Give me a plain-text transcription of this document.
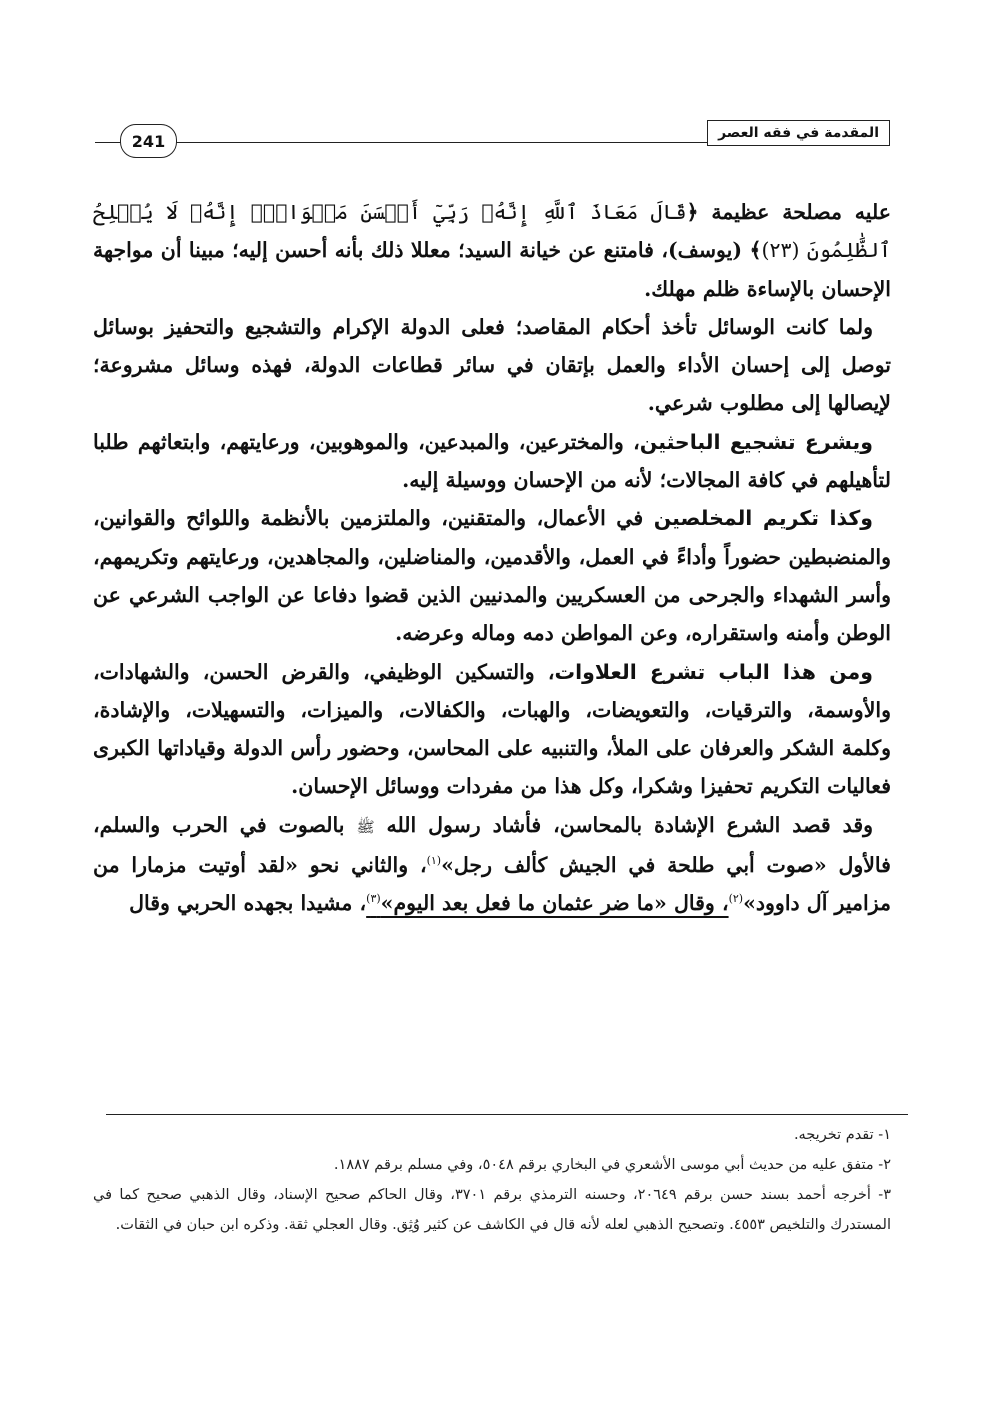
241	المقدمة في فقه العصر

عليه مصلحة عظيمة ﴿قَالَ مَعَاذَ ٱللَّهِ إِنَّهُۥ رَبِّيٓ أَحۡسَنَ مَثۡوَايَۖ إِنَّهُۥ لَا يُفۡلِحُ ٱلظَّٰلِمُونَ (٢٣)﴾ (يوسف)، فامتنع عن خيانة السيد؛ معللا ذلك بأنه أحسن إليه؛ مبينا أن مواجهة الإحسان بالإساءة ظلم مهلك.

ولما كانت الوسائل تأخذ أحكام المقاصد؛ فعلى الدولة الإكرام والتشجيع والتحفيز بوسائل توصل إلى إحسان الأداء والعمل بإتقان في سائر قطاعات الدولة، فهذه وسائل مشروعة؛ لإيصالها إلى مطلوب شرعي.

ويشرع تشجيع الباحثين، والمخترعين، والمبدعين، والموهوبين، ورعايتهم، وابتعاثهم طلبا لتأهيلهم في كافة المجالات؛ لأنه من الإحسان ووسيلة إليه.

وكذا تكريم المخلصين في الأعمال، والمتقنين، والملتزمين بالأنظمة واللوائح والقوانين، والمنضبطين حضوراً وأداءً في العمل، والأقدمين، والمناضلين، والمجاهدين، ورعايتهم وتكريمهم، وأسر الشهداء والجرحى من العسكريين والمدنيين الذين قضوا دفاعا عن الواجب الشرعي عن الوطن وأمنه واستقراره، وعن المواطن دمه وماله وعرضه.

ومن هذا الباب تشرع العلاوات، والتسكين الوظيفي، والقرض الحسن، والشهادات، والأوسمة، والترقيات، والتعويضات، والهبات، والكفالات، والميزات، والتسهيلات، والإشادة، وكلمة الشكر والعرفان على الملأ، والتنبيه على المحاسن، وحضور رأس الدولة وقياداتها الكبرى فعاليات التكريم تحفيزا وشكرا، وكل هذا من مفردات ووسائل الإحسان.

وقد قصد الشرع الإشادة بالمحاسن، فأشاد رسول الله ﷺ بالصوت في الحرب والسلم، فالأول «صوت أبي طلحة في الجيش كألف رجل»$^{(١)}$، والثاني نحو «لقد أوتيت مزمارا من مزامير آل داوود»$^{(٢)}$، وقال «ما ضر عثمان ما فعل بعد اليوم»$^{(٣)}$، مشيدا بجهده الحربي وقال

١- تقدم تخريجه.

٢- متفق عليه من حديث أبي موسى الأشعري في البخاري برقم ٥٠٤٨، وفي مسلم برقم ١٨٨٧.

٣- أخرجه أحمد بسند حسن برقم ٢٠٦٤٩، وحسنه الترمذي برقم ٣٧٠١، وقال الحاكم صحيح الإسناد، وقال الذهبي صحيح كما في المستدرك والتلخيص ٤٥٥٣. وتصحيح الذهبي لعله لأنه قال في الكاشف عن كثير وُثِق. وقال العجلي ثقة. وذكره ابن حبان في الثقات.
